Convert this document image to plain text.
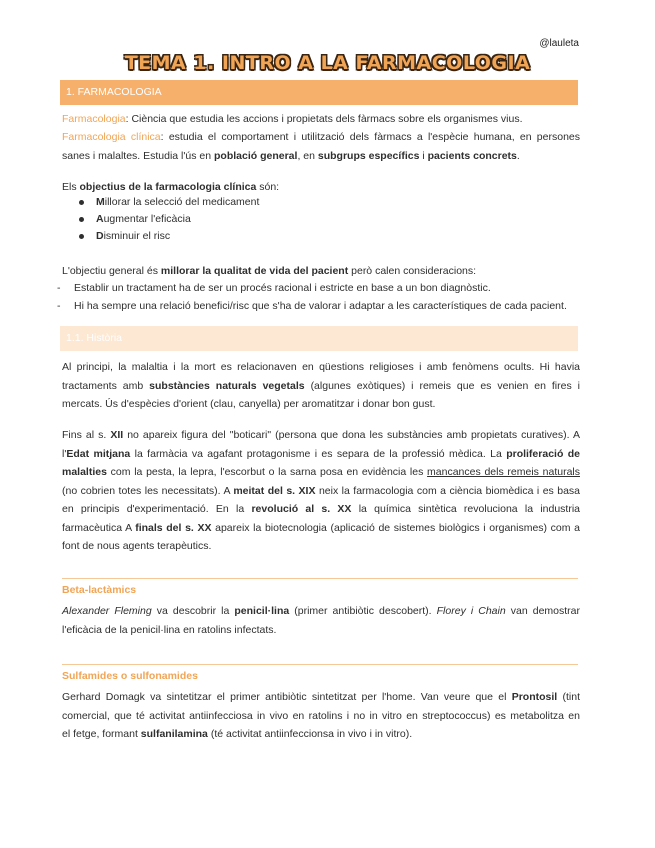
@lauleta
TEMA 1. INTRO A LA FARMACOLOGIA
1. FARMACOLOGIA
Farmacologia: Ciència que estudia les accions i propietats dels fàrmacs sobre els organismes vius.
Farmacologia clínica: estudia el comportament i utilització dels fàrmacs a l'espècie humana, en persones
sanes i malaltes. Estudia l'ús en població general, en subgrups específics i pacients concrets.
Els objectius de la farmacologia clínica són:
Millorar la selecció del medicament
Augmentar l'eficàcia
Disminuir el risc
L'objectiu general és millorar la qualitat de vida del pacient però calen consideracions:
- Establir un tractament ha de ser un procés racional i estricte en base a un bon diagnòstic.
- Hi ha sempre una relació benefici/risc que s'ha de valorar i adaptar a les característiques de cada pacient.
1.1. Història
Al principi, la malaltia i la mort es relacionaven en qüestions religioses i amb fenòmens ocults. Hi havia
tractaments amb substàncies naturals vegetals (algunes exòtiques) i remeis que es venien en fires i
mercats. Ús d'espècies d'orient (clau, canyella) per aromatitzar i donar bon gust.
Fins al s. XII no apareix figura del "boticari" (persona que dona les substàncies amb propietats curatives). A
l'Edat mitjana la farmàcia va agafant protagonisme i es separa de la professió mèdica. La proliferació de
malalties com la pesta, la lepra, l'escorbut o la sarna posa en evidència les mancances dels remeis naturals
(no cobrien totes les necessitats). A meitat del s. XIX neix la farmacologia com a ciència biomèdica i es basa
en principis d'experimentació. En la revolució al s. XX la química sintètica revoluciona la industria
farmacèutica A finals del s. XX apareix la biotecnologia (aplicació de sistemes biològics i organismes) com a
font de nous agents terapèutics.
Beta-lactàmics
Alexander Fleming va descobrir la penicil·lina (primer antibiòtic descobert). Florey i Chain van demostrar
l'eficàcia de la penicil·lina en ratolins infectats.
Sulfamides o sulfonamides
Gerhard Domagk va sintetitzar el primer antibiòtic sintetitzat per l'home. Van veure que el Prontosil (tint
comercial, que té activitat antiinfecciosa in vivo en ratolins i no in vitro en streptococcus) es metabolitza en
el fetge, formant sulfanilamina (té activitat antiinfeccionsa in vivo i in vitro).
